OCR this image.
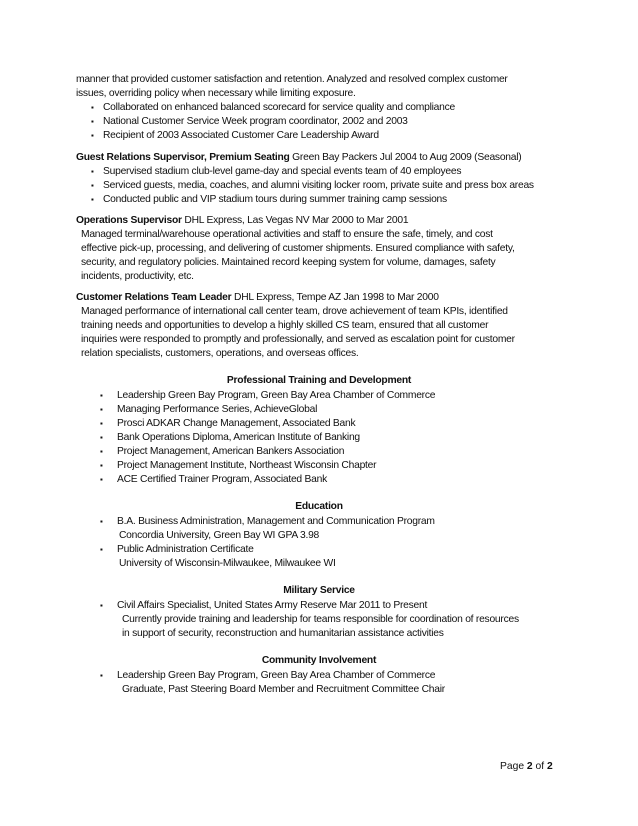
manner that provided customer satisfaction and retention. Analyzed and resolved complex customer
issues, overriding policy when necessary while limiting exposure.
▪ Collaborated on enhanced balanced scorecard for service quality and compliance
▪ National Customer Service Week program coordinator, 2002 and 2003
▪ Recipient of 2003 Associated Customer Care Leadership Award
Guest Relations Supervisor, Premium Seating Green Bay Packers Jul 2004 to Aug 2009 (Seasonal)
▪ Supervised stadium club-level game-day and special events team of 40 employees
▪ Serviced guests, media, coaches, and alumni visiting locker room, private suite and press box areas
▪ Conducted public and VIP stadium tours during summer training camp sessions
Operations Supervisor DHL Express, Las Vegas NV Mar 2000 to Mar 2001
Managed terminal/warehouse operational activities and staff to ensure the safe, timely, and cost
effective pick-up, processing, and delivering of customer shipments. Ensured compliance with safety,
security, and regulatory policies. Maintained record keeping system for volume, damages, safety
incidents, productivity, etc.
Customer Relations Team Leader DHL Express, Tempe AZ Jan 1998 to Mar 2000
Managed performance of international call center team, drove achievement of team KPIs, identified
training needs and opportunities to develop a highly skilled CS team, ensured that all customer
inquiries were responded to promptly and professionally, and served as escalation point for customer
relation specialists, customers, operations, and overseas offices.
Professional Training and Development
▪ Leadership Green Bay Program, Green Bay Area Chamber of Commerce
▪ Managing Performance Series, AchieveGlobal
▪ Prosci ADKAR Change Management, Associated Bank
▪ Bank Operations Diploma, American Institute of Banking
▪ Project Management, American Bankers Association
▪ Project Management Institute, Northeast Wisconsin Chapter
▪ ACE Certified Trainer Program, Associated Bank
Education
▪ B.A. Business Administration, Management and Communication Program
Concordia University, Green Bay WI GPA 3.98
▪ Public Administration Certificate
University of Wisconsin-Milwaukee, Milwaukee WI
Military Service
▪ Civil Affairs Specialist, United States Army Reserve Mar 2011 to Present
Currently provide training and leadership for teams responsible for coordination of resources
in support of security, reconstruction and humanitarian assistance activities
Community Involvement
▪ Leadership Green Bay Program, Green Bay Area Chamber of Commerce
Graduate, Past Steering Board Member and Recruitment Committee Chair
Page 2 of 2
